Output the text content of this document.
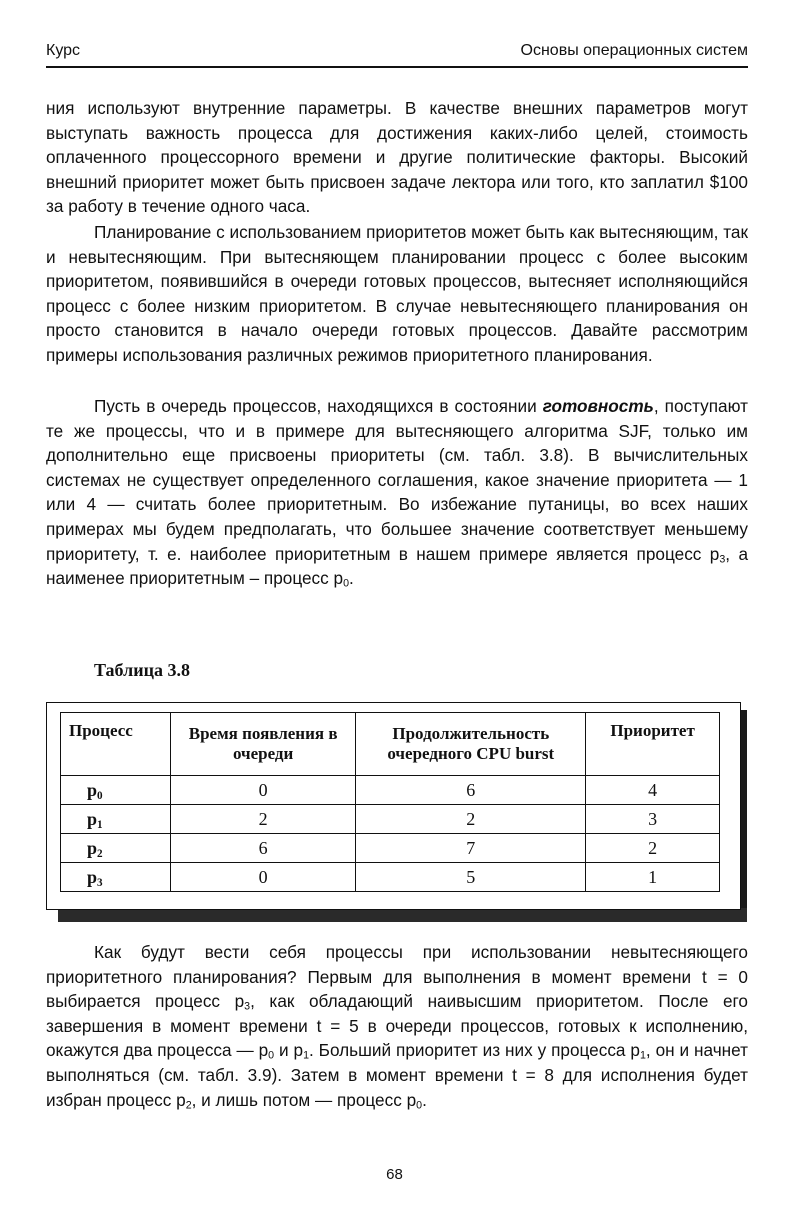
Курс	Основы операционных систем

ния используют внутренние параметры. В качестве внешних параметров могут выступать важность процесса для достижения каких-либо целей, стоимость оплаченного процессорного времени и другие политические факторы. Высокий внешний приоритет может быть присвоен задаче лектора или того, кто заплатил $100 за работу в течение одного часа.

Планирование с использованием приоритетов может быть как вытесняющим, так и невытесняющим. При вытесняющем планировании процесс с более высоким приоритетом, появившийся в очереди готовых процессов, вытесняет исполняющийся процесс с более низким приоритетом. В случае невытесняющего планирования он просто становится в начало очереди готовых процессов. Давайте рассмотрим примеры использования различных режимов приоритетного планирования.

Пусть в очередь процессов, находящихся в состоянии готовность, поступают те же процессы, что и в примере для вытесняющего алгоритма SJF, только им дополнительно еще присвоены приоритеты (см. табл. 3.8). В вычислительных системах не существует определенного соглашения, какое значение приоритета — 1 или 4 — считать более приоритетным. Во избежание путаницы, во всех наших примерах мы будем предполагать, что большее значение соответствует меньшему приоритету, т. е. наиболее приоритетным в нашем примере является процесс $p_3$, а наименее приоритетным – процесс $p_0$.

Таблица 3.8
Процесс	Время появления в очереди	Продолжительность очередного CPU burst	Приоритет
$p_0$	0	6	4
$p_1$	2	2	3
$p_2$	6	7	2
$p_3$	0	5	1

Как будут вести себя процессы при использовании невытесняющего приоритетного планирования? Первым для выполнения в момент времени t = 0 выбирается процесс $p_3$, как обладающий наивысшим приоритетом. После его завершения в момент времени t = 5 в очереди процессов, готовых к исполнению, окажутся два процесса — $p_0$ и $p_1$. Больший приоритет из них у процесса $p_1$, он и начнет выполняться (см. табл. 3.9). Затем в момент времени t = 8 для исполнения будет избран процесс $p_2$, и лишь потом — процесс $p_0$.

68
